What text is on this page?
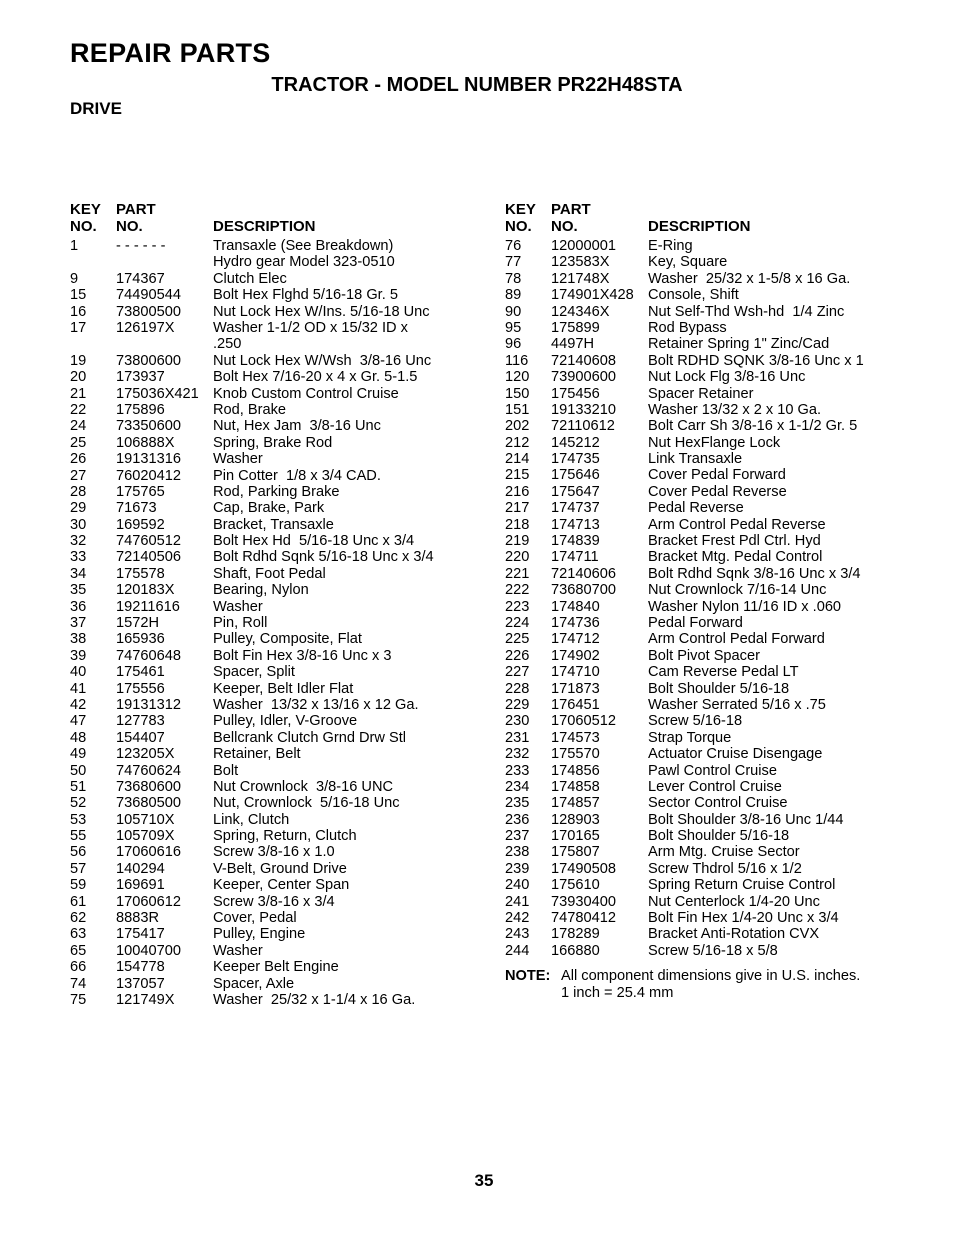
REPAIR PARTS
TRACTOR - MODEL NUMBER PR22H48STA
DRIVE
KEY
NO.
PART
NO.	DESCRIPTION
1	- - - - - -	Transaxle (See Breakdown)
Hydro gear Model 323-0510
9	174367	Clutch Elec
15 74490544 Bolt Hex Flghd 5/16-18 Gr. 5
16 73800500 Nut Lock Hex W/Ins. 5/16-18 Unc
17 126197X	Washer 1-1/2 OD x 15/32 ID x
.250
19 73800600 Nut Lock Hex W/Wsh  3/8-16 Unc
20 173937	Bolt Hex 7/16-20 x 4 x Gr. 5-1.5
21 175036X421 Knob Custom Control Cruise
22 175896	Rod, Brake
24 73350600 Nut, Hex Jam  3/8-16 Unc
25 106888X	Spring, Brake Rod
26 19131316 Washer
27 76020412 Pin Cotter  1/8 x 3/4 CAD.
28 175765	Rod, Parking Brake
29 71673	Cap, Brake, Park
30 169592	Bracket, Transaxle
32 74760512 Bolt Hex Hd  5/16-18 Unc x 3/4
33 72140506 Bolt Rdhd Sqnk 5/16-18 Unc x 3/4
34 175578	Shaft, Foot Pedal
35 120183X	Bearing, Nylon
36 19211616 Washer
37 1572H	Pin, Roll
38 165936	Pulley, Composite, Flat
39 74760648 Bolt Fin Hex 3/8-16 Unc x 3
40 175461	Spacer, Split
41 175556	Keeper, Belt Idler Flat
42 19131312 Washer  13/32 x 13/16 x 12 Ga.
47 127783	Pulley, Idler, V-Groove
48 154407	Bellcrank Clutch Grnd Drw Stl
49 123205X	Retainer, Belt
50 74760624 Bolt
51 73680600 Nut Crownlock  3/8-16 UNC
52 73680500 Nut, Crownlock  5/16-18 Unc
53 105710X	Link, Clutch
55 105709X	Spring, Return, Clutch
56 17060616 Screw 3/8-16 x 1.0
57 140294	V-Belt, Ground Drive
59 169691	Keeper, Center Span
61 17060612 Screw 3/8-16 x 3/4
62 8883R	Cover, Pedal
63 175417	Pulley, Engine
65 10040700 Washer
66 154778	Keeper Belt Engine
74 137057	Spacer, Axle
75 121749X	Washer  25/32 x 1-1/4 x 16 Ga.
KEY
NO.
PART
NO.	DESCRIPTION
76 12000001 E-Ring
77 123583X	Key, Square
78 121748X	Washer  25/32 x 1-5/8 x 16 Ga.
89 174901X428 Console, Shift
90 124346X	Nut Self-Thd Wsh-hd  1/4 Zinc
95 175899	Rod Bypass
96 4497H	Retainer Spring 1" Zinc/Cad
116 72140608 Bolt RDHD SQNK 3/8-16 Unc x 1
120 73900600 Nut Lock Flg 3/8-16 Unc
150 175456	Spacer Retainer
151 19133210 Washer 13/32 x 2 x 10 Ga.
202 72110612 Bolt Carr Sh 3/8-16 x 1-1/2 Gr. 5
212 145212	Nut HexFlange Lock
214 174735	Link Transaxle
215 175646	Cover Pedal Forward
216 175647	Cover Pedal Reverse
217 174737	Pedal Reverse
218 174713	Arm Control Pedal Reverse
219 174839	Bracket Frest Pdl Ctrl. Hyd
220 174711	Bracket Mtg. Pedal Control
221 72140606 Bolt Rdhd Sqnk 3/8-16 Unc x 3/4
222 73680700 Nut Crownlock 7/16-14 Unc
223 174840	Washer Nylon 11/16 ID x .060
224 174736	Pedal Forward
225 174712	Arm Control Pedal Forward
226 174902	Bolt Pivot Spacer
227 174710	Cam Reverse Pedal LT
228 171873	Bolt Shoulder 5/16-18
229 176451	Washer Serrated 5/16 x .75
230 17060512 Screw 5/16-18
231 174573	Strap Torque
232 175570	Actuator Cruise Disengage
233 174856	Pawl Control Cruise
234 174858	Lever Control Cruise
235 174857	Sector Control Cruise
236 128903	Bolt Shoulder 3/8-16 Unc 1/44
237 170165	Bolt Shoulder 5/16-18
238 175807	Arm Mtg. Cruise Sector
239 17490508 Screw Thdrol 5/16 x 1/2
240 175610	Spring Return Cruise Control
241 73930400 Nut Centerlock 1/4-20 Unc
242 74780412 Bolt Fin Hex 1/4-20 Unc x 3/4
243 178289	Bracket Anti-Rotation CVX
244 166880	Screw 5/16-18 x 5/8
NOTE: All component dimensions give in U.S. inches.
1 inch = 25.4 mm
35
